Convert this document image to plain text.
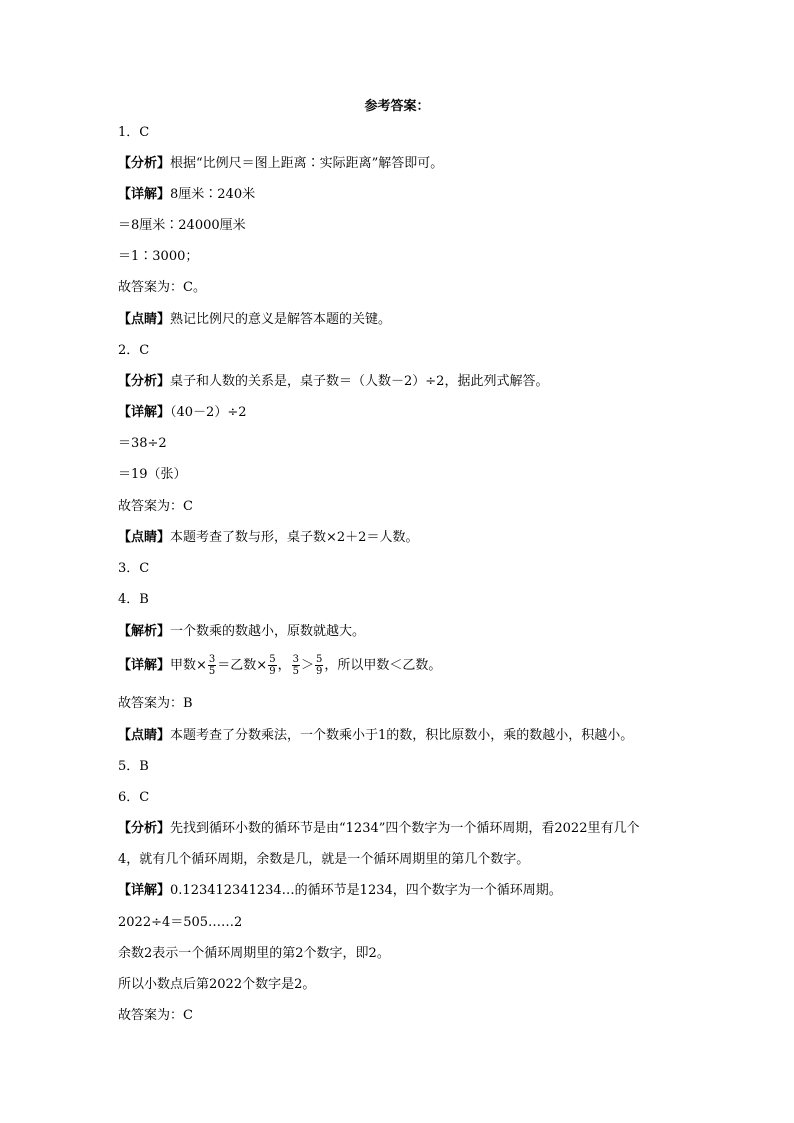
参考答案：
1．C
【分析】根据“比例尺＝图上距离∶实际距离”解答即可。
【详解】8厘米∶240米
＝8厘米∶24000厘米
＝1∶3000；
故答案为：C。
【点睛】熟记比例尺的意义是解答本题的关键。
2．C
【分析】桌子和人数的关系是，桌子数＝（人数－2）÷2，据此列式解答。
【详解】（40－2）÷2
＝38÷2
＝19（张）
故答案为：C
【点睛】本题考查了数与形，桌子数×2＋2＝人数。
3．C
4．B
【解析】一个数乘的数越小，原数就越大。
【详解】甲数× $\frac{3}{5}$ ＝乙数× $\frac{5}{9}$ ， $\frac{3}{5} > \frac{5}{9}$ ，所以甲数＜乙数。
故答案为：B
【点睛】本题考查了分数乘法，一个数乘小于1的数，积比原数小，乘的数越小，积越小。
5．B
6．C
【分析】先找到循环小数的循环节是由“1234”四个数字为一个循环周期，看2022里有几个
4，就有几个循环周期，余数是几，就是一个循环周期里的第几个数字。
【详解】0.123412341234…的循环节是1234，四个数字为一个循环周期。
2022÷4＝505……2
余数2表示一个循环周期里的第2个数字，即2。
所以小数点后第2022个数字是2。
故答案为：C
